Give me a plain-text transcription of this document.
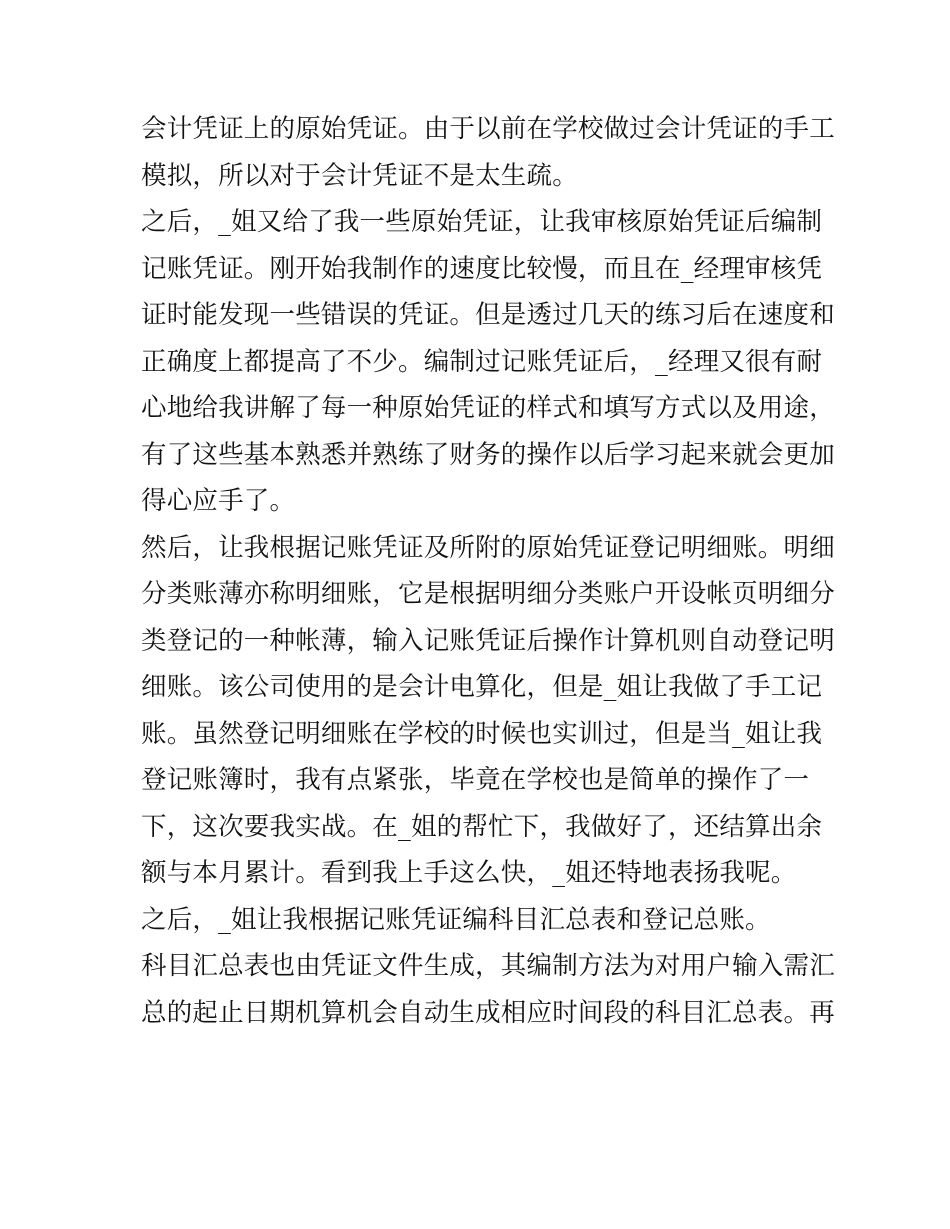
会计凭证上的原始凭证。由于以前在学校做过会计凭证的手工
模拟，所以对于会计凭证不是太生疏。
之后，_姐又给了我一些原始凭证，让我审核原始凭证后编制
记账凭证。刚开始我制作的速度比较慢，而且在_经理审核凭
证时能发现一些错误的凭证。但是透过几天的练习后在速度和
正确度上都提高了不少。编制过记账凭证后，_经理又很有耐
心地给我讲解了每一种原始凭证的样式和填写方式以及用途，
有了这些基本熟悉并熟练了财务的操作以后学习起来就会更加
得心应手了。
然后，让我根据记账凭证及所附的原始凭证登记明细账。明细
分类账薄亦称明细账，它是根据明细分类账户开设帐页明细分
类登记的一种帐薄，输入记账凭证后操作计算机则自动登记明
细账。该公司使用的是会计电算化，但是_姐让我做了手工记
账。虽然登记明细账在学校的时候也实训过，但是当_姐让我
登记账簿时，我有点紧张，毕竟在学校也是简单的操作了一
下，这次要我实战。在_姐的帮忙下，我做好了，还结算出余
额与本月累计。看到我上手这么快，_姐还特地表扬我呢。
之后，_姐让我根据记账凭证编科目汇总表和登记总账。
科目汇总表也由凭证文件生成，其编制方法为对用户输入需汇
总的起止日期机算机会自动生成相应时间段的科目汇总表。再
